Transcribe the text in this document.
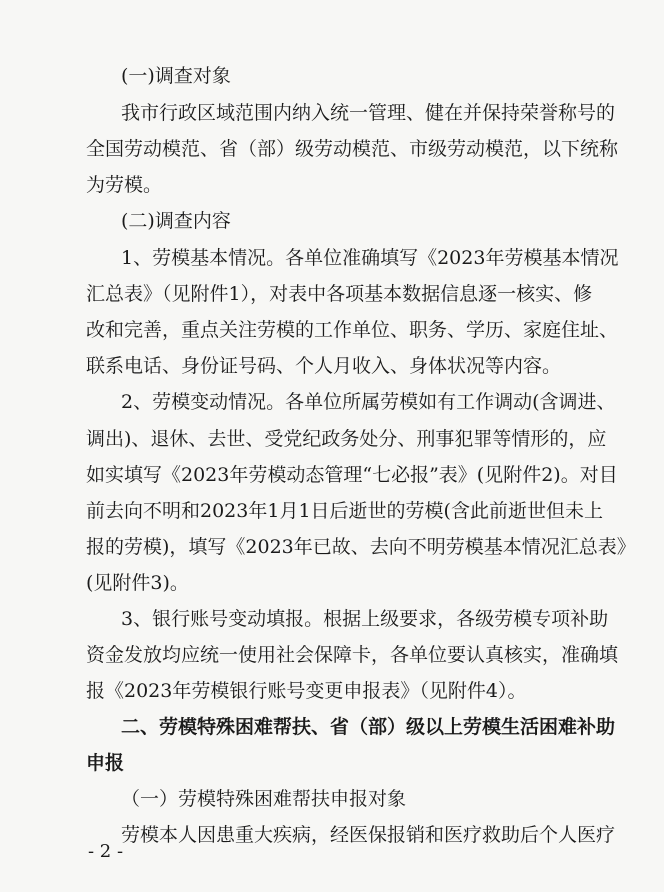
(一)调查对象
我市行政区域范围内纳入统一管理、健在并保持荣誉称号的
全国劳动模范、省（部）级劳动模范、市级劳动模范，以下统称
为劳模。
(二)调查内容
1、劳模基本情况。各单位准确填写《2023年劳模基本情况
汇总表》（见附件1），对表中各项基本数据信息逐一核实、修
改和完善，重点关注劳模的工作单位、职务、学历、家庭住址、
联系电话、身份证号码、个人月收入、身体状况等内容。
2、劳模变动情况。各单位所属劳模如有工作调动(含调进、
调出)、退休、去世、受党纪政务处分、刑事犯罪等情形的，应
如实填写《2023年劳模动态管理“七必报”表》(见附件2)。对目
前去向不明和2023年1月1日后逝世的劳模(含此前逝世但未上
报的劳模)，填写《2023年已故、去向不明劳模基本情况汇总表》
(见附件3)。
3、银行账号变动填报。根据上级要求，各级劳模专项补助
资金发放均应统一使用社会保障卡，各单位要认真核实，准确填
报《2023年劳模银行账号变更申报表》（见附件4）。
二、劳模特殊困难帮扶、省（部）级以上劳模生活困难补助
申报
（一）劳模特殊困难帮扶申报对象
劳模本人因患重大疾病，经医保报销和医疗救助后个人医疗
- 2 -
